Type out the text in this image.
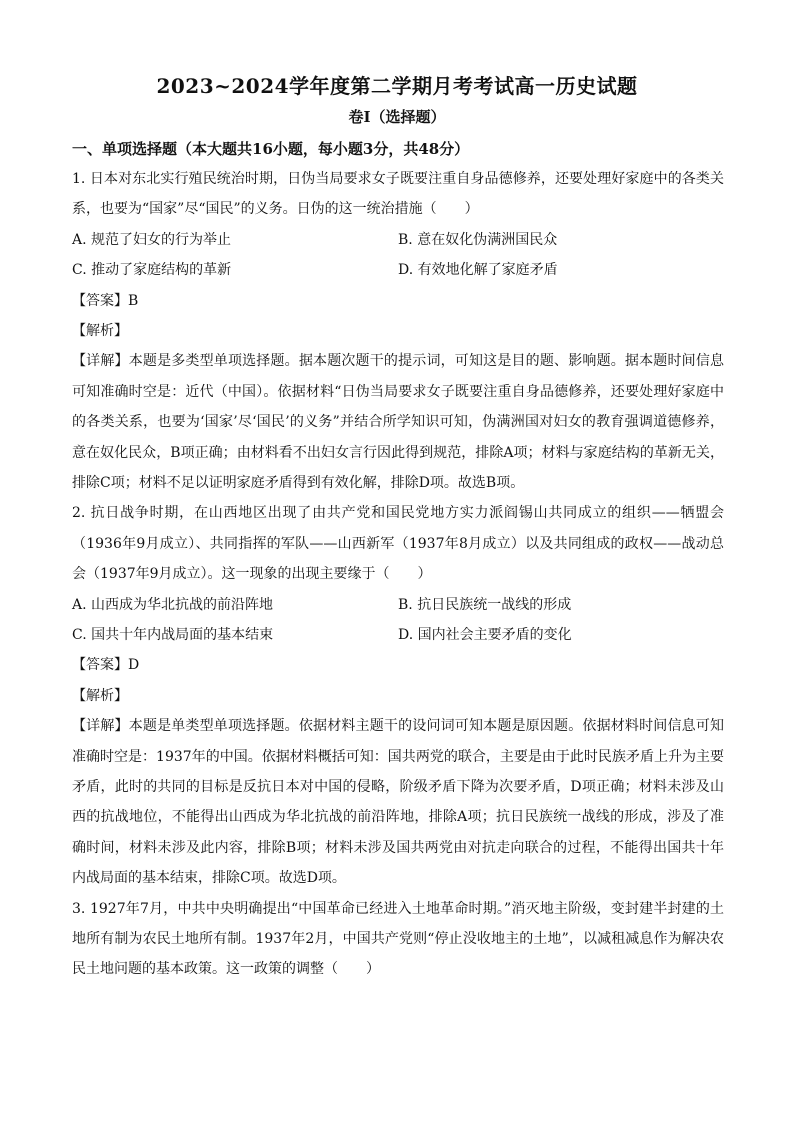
2023~2024学年度第二学期月考考试高一历史试题
卷Ⅰ（选择题）
一、单项选择题（本大题共16小题，每小题3分，共48分）

1. 日本对东北实行殖民统治时期，日伪当局要求女子既要注重自身品德修养，还要处理好家庭中的各类关系，也要为“国家”尽“国民”的义务。日伪的这一统治措施（　　）

A. 规范了妇女的行为举止	B. 意在奴化伪满洲国民众
C. 推动了家庭结构的革新	D. 有效地化解了家庭矛盾
【答案】B
【解析】

【详解】本题是多类型单项选择题。据本题次题干的提示词，可知这是目的题、影响题。据本题时间信息可知准确时空是：近代（中国）。依据材料“日伪当局要求女子既要注重自身品德修养，还要处理好家庭中的各类关系，也要为‘国家’尽‘国民’的义务”并结合所学知识可知，伪满洲国对妇女的教育强调道德修养，意在奴化民众，B项正确；由材料看不出妇女言行因此得到规范，排除A项；材料与家庭结构的革新无关，排除C项；材料不足以证明家庭矛盾得到有效化解，排除D项。故选B项。

2. 抗日战争时期，在山西地区出现了由共产党和国民党地方实力派阎锡山共同成立的组织——牺盟会（1936年9月成立）、共同指挥的军队——山西新军（1937年8月成立）以及共同组成的政权——战动总会（1937年9月成立）。这一现象的出现主要缘于（　　）

A. 山西成为华北抗战的前沿阵地	B. 抗日民族统一战线的形成
C. 国共十年内战局面的基本结束	D. 国内社会主要矛盾的变化
【答案】D
【解析】

【详解】本题是单类型单项选择题。依据材料主题干的设问词可知本题是原因题。依据材料时间信息可知准确时空是：1937年的中国。依据材料概括可知：国共两党的联合，主要是由于此时民族矛盾上升为主要矛盾，此时的共同的目标是反抗日本对中国的侵略，阶级矛盾下降为次要矛盾，D项正确；材料未涉及山西的抗战地位，不能得出山西成为华北抗战的前沿阵地，排除A项；抗日民族统一战线的形成，涉及了准确时间，材料未涉及此内容，排除B项；材料未涉及国共两党由对抗走向联合的过程，不能得出国共十年内战局面的基本结束，排除C项。故选D项。

3. 1927年7月，中共中央明确提出“中国革命已经进入土地革命时期。”消灭地主阶级，变封建半封建的土地所有制为农民土地所有制。1937年2月，中国共产党则“停止没收地主的土地”，以减租减息作为解决农民土地问题的基本政策。这一政策的调整（　　）
